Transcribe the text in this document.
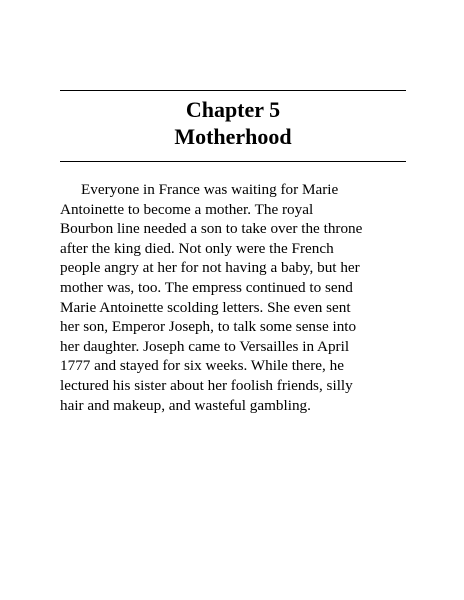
Chapter 5
Motherhood

Everyone in France was waiting for Marie
Antoinette to become a mother. The royal
Bourbon line needed a son to take over the throne
after the king died. Not only were the French
people angry at her for not having a baby, but her
mother was, too. The empress continued to send
Marie Antoinette scolding letters. She even sent
her son, Emperor Joseph, to talk some sense into
her daughter. Joseph came to Versailles in April
1777 and stayed for six weeks. While there, he
lectured his sister about her foolish friends, silly
hair and makeup, and wasteful gambling.
